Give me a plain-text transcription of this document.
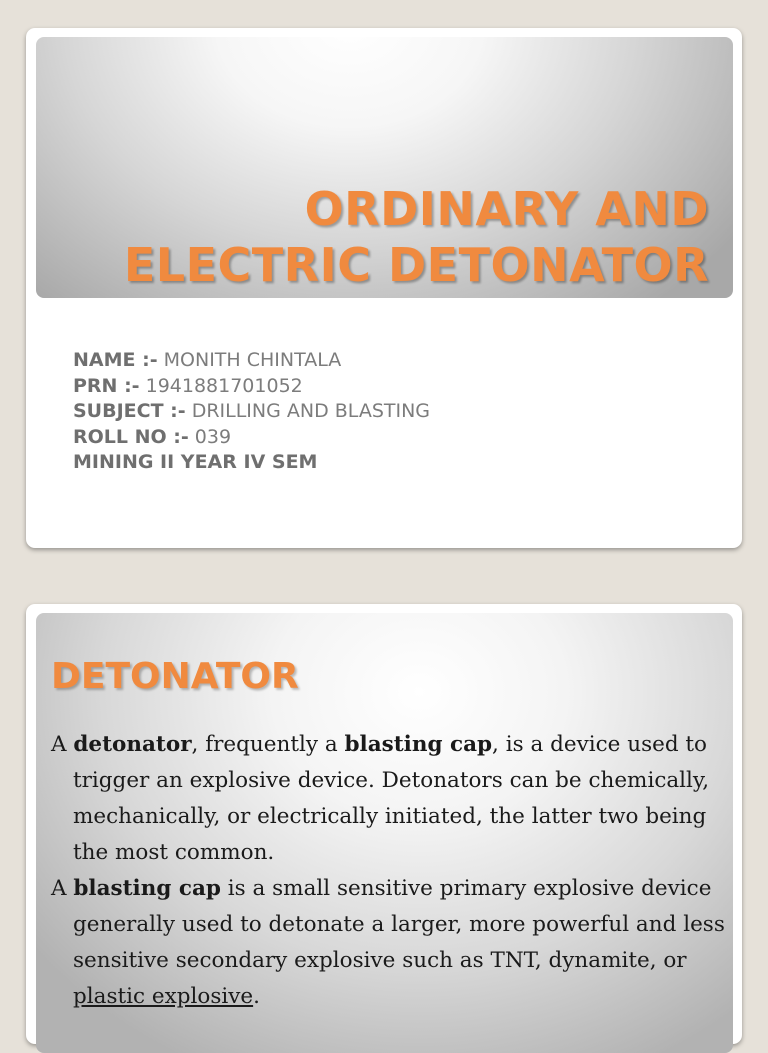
ORDINARY AND
ELECTRIC DETONATOR
NAME :- MONITH CHINTALA
PRN :- 1941881701052
SUBJECT :- DRILLING AND BLASTING
ROLL NO :- 039
MINING II YEAR IV SEM
DETONATOR

A detonator, frequently a blasting cap, is a device used to trigger an explosive device. Detonators can be chemically, mechanically, or electrically initiated, the latter two being the most common.

A blasting cap is a small sensitive primary explosive device generally used to detonate a larger, more powerful and less sensitive secondary explosive such as TNT, dynamite, or plastic explosive.
